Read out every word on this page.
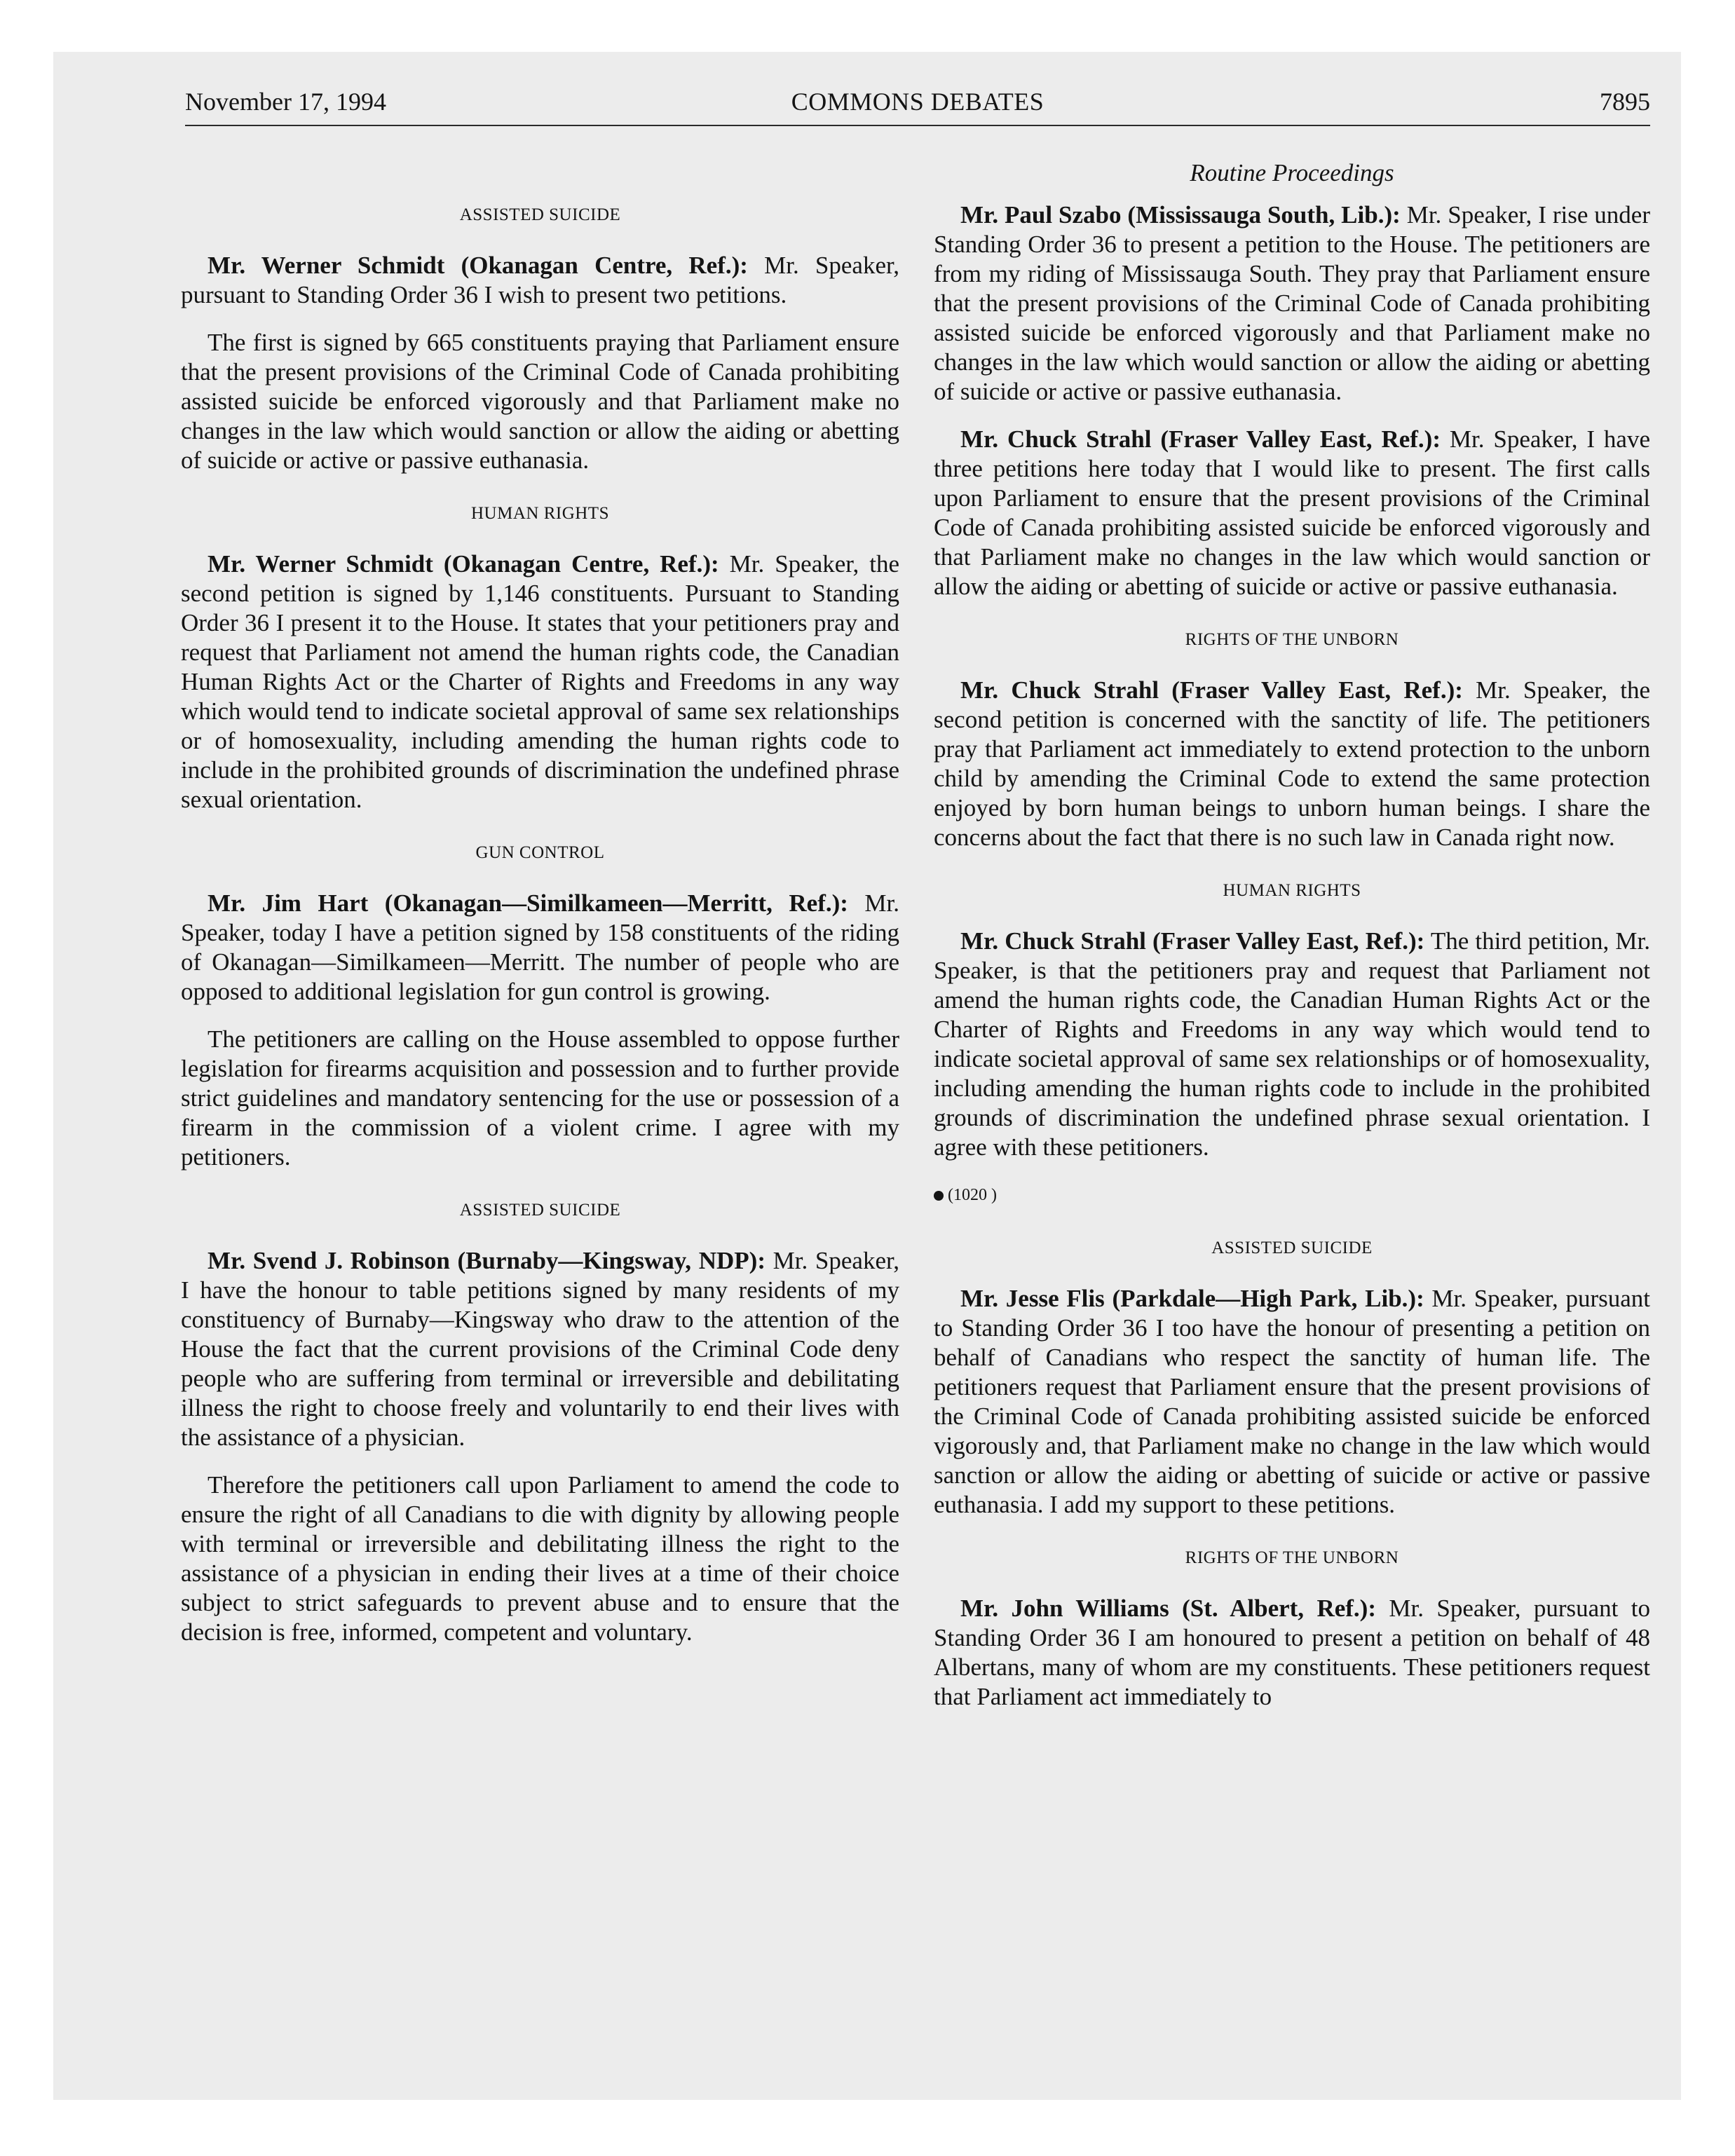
November 17, 1994	COMMONS DEBATES	7895
ASSISTED SUICIDE

Mr. Werner Schmidt (Okanagan Centre, Ref.): Mr. Speaker, pursuant to Standing Order 36 I wish to present two petitions.

The first is signed by 665 constituents praying that Parliament ensure that the present provisions of the Criminal Code of Canada prohibiting assisted suicide be enforced vigorously and that Parliament make no changes in the law which would sanction or allow the aiding or abetting of suicide or active or passive euthanasia.

HUMAN RIGHTS

Mr. Werner Schmidt (Okanagan Centre, Ref.): Mr. Speaker, the second petition is signed by 1,146 constituents. Pursuant to Standing Order 36 I present it to the House. It states that your petitioners pray and request that Parliament not amend the human rights code, the Canadian Human Rights Act or the Charter of Rights and Freedoms in any way which would tend to indicate societal approval of same sex relationships or of homosexuality, including amending the human rights code to include in the prohibited grounds of discrimination the undefined phrase sexual orientation.

GUN CONTROL

Mr. Jim Hart (Okanagan—Similkameen—Merritt, Ref.): Mr. Speaker, today I have a petition signed by 158 constituents of the riding of Okanagan—Similkameen—Merritt. The number of people who are opposed to additional legislation for gun control is growing.

The petitioners are calling on the House assembled to oppose further legislation for firearms acquisition and possession and to further provide strict guidelines and mandatory sentencing for the use or possession of a firearm in the commission of a violent crime. I agree with my petitioners.

ASSISTED SUICIDE

Mr. Svend J. Robinson (Burnaby—Kingsway, NDP): Mr. Speaker, I have the honour to table petitions signed by many residents of my constituency of Burnaby—Kingsway who draw to the attention of the House the fact that the current provisions of the Criminal Code deny people who are suffering from terminal or irreversible and debilitating illness the right to choose freely and voluntarily to end their lives with the assistance of a physician.

Therefore the petitioners call upon Parliament to amend the code to ensure the right of all Canadians to die with dignity by allowing people with terminal or irreversible and debilitating illness the right to the assistance of a physician in ending their lives at a time of their choice subject to strict safeguards to prevent abuse and to ensure that the decision is free, informed, competent and voluntary.

Routine Proceedings

Mr. Paul Szabo (Mississauga South, Lib.): Mr. Speaker, I rise under Standing Order 36 to present a petition to the House. The petitioners are from my riding of Mississauga South. They pray that Parliament ensure that the present provisions of the Criminal Code of Canada prohibiting assisted suicide be enforced vigorously and that Parliament make no changes in the law which would sanction or allow the aiding or abetting of suicide or active or passive euthanasia.

Mr. Chuck Strahl (Fraser Valley East, Ref.): Mr. Speaker, I have three petitions here today that I would like to present. The first calls upon Parliament to ensure that the present provisions of the Criminal Code of Canada prohibiting assisted suicide be enforced vigorously and that Parliament make no changes in the law which would sanction or allow the aiding or abetting of suicide or active or passive euthanasia.

RIGHTS OF THE UNBORN

Mr. Chuck Strahl (Fraser Valley East, Ref.): Mr. Speaker, the second petition is concerned with the sanctity of life. The petitioners pray that Parliament act immediately to extend protection to the unborn child by amending the Criminal Code to extend the same protection enjoyed by born human beings to unborn human beings. I share the concerns about the fact that there is no such law in Canada right now.

HUMAN RIGHTS

Mr. Chuck Strahl (Fraser Valley East, Ref.): The third petition, Mr. Speaker, is that the petitioners pray and request that Parliament not amend the human rights code, the Canadian Human Rights Act or the Charter of Rights and Freedoms in any way which would tend to indicate societal approval of same sex relationships or of homosexuality, including amending the human rights code to include in the prohibited grounds of discrimination the undefined phrase sexual orientation. I agree with these petitioners.

(1020 )
ASSISTED SUICIDE

Mr. Jesse Flis (Parkdale—High Park, Lib.): Mr. Speaker, pursuant to Standing Order 36 I too have the honour of presenting a petition on behalf of Canadians who respect the sanctity of human life. The petitioners request that Parliament ensure that the present provisions of the Criminal Code of Canada prohibiting assisted suicide be enforced vigorously and, that Parliament make no change in the law which would sanction or allow the aiding or abetting of suicide or active or passive euthanasia. I add my support to these petitions.

RIGHTS OF THE UNBORN

Mr. John Williams (St. Albert, Ref.): Mr. Speaker, pursuant to Standing Order 36 I am honoured to present a petition on behalf of 48 Albertans, many of whom are my constituents. These petitioners request that Parliament act immediately to
